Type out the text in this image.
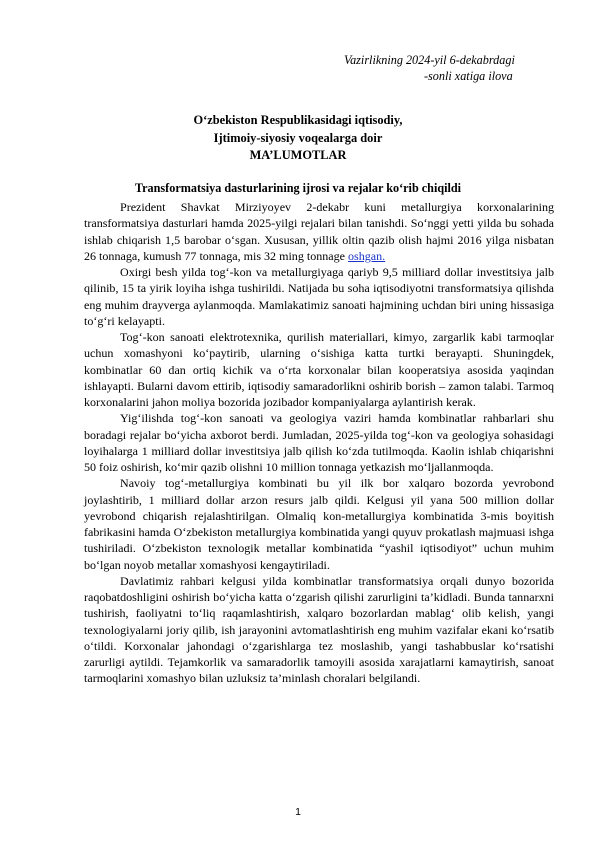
Vazirlikning 2024-yil 6-dekabrdagi
-sonli xatiga ilova
O‘zbekiston Respublikasidagi iqtisodiy,
Ijtimoiy-siyosiy voqealarga doir
MA’LUMOTLAR
Transformatsiya dasturlarining ijrosi va rejalar ko‘rib chiqildi

Prezident Shavkat Mirziyoyev 2-dekabr kuni metallurgiya korxonalarining transformatsiya dasturlari hamda 2025-yilgi rejalari bilan tanishdi. So‘nggi yetti yilda bu sohada ishlab chiqarish 1,5 barobar o‘sgan. Xususan, yillik oltin qazib olish hajmi 2016 yilga nisbatan 26 tonnaga, kumush 77 tonnaga, mis 32 ming tonnage oshgan.

Oxirgi besh yilda tog‘-kon va metallurgiyaga qariyb 9,5 milliard dollar investitsiya jalb qilinib, 15 ta yirik loyiha ishga tushirildi. Natijada bu soha iqtisodiyotni transformatsiya qilishda eng muhim drayverga aylanmoqda. Mamlakatimiz sanoati hajmining uchdan biri uning hissasiga to‘g‘ri kelayapti.

Tog‘-kon sanoati elektrotexnika, qurilish materiallari, kimyo, zargarlik kabi tarmoqlar uchun xomashyoni ko‘paytirib, ularning o‘sishiga katta turtki berayapti. Shuningdek, kombinatlar 60 dan ortiq kichik va o‘rta korxonalar bilan kooperatsiya asosida yaqindan ishlayapti. Bularni davom ettirib, iqtisodiy samaradorlikni oshirib borish – zamon talabi. Tarmoq korxonalarini jahon moliya bozorida jozibador kompaniyalarga aylantirish kerak.

Yig‘ilishda tog‘-kon sanoati va geologiya vaziri hamda kombinatlar rahbarlari shu boradagi rejalar bo‘yicha axborot berdi. Jumladan, 2025-yilda tog‘-kon va geologiya sohasidagi loyihalarga 1 milliard dollar investitsiya jalb qilish ko‘zda tutilmoqda. Kaolin ishlab chiqarishni 50 foiz oshirish, ko‘mir qazib olishni 10 million tonnaga yetkazish mo‘ljallanmoqda.

Navoiy tog‘-metallurgiya kombinati bu yil ilk bor xalqaro bozorda yevrobond joylashtirib, 1 milliard dollar arzon resurs jalb qildi. Kelgusi yil yana 500 million dollar yevrobond chiqarish rejalashtirilgan. Olmaliq kon-metallurgiya kombinatida 3-mis boyitish fabrikasini hamda O‘zbekiston metallurgiya kombinatida yangi quyuv prokatlash majmuasi ishga tushiriladi. O‘zbekiston texnologik metallar kombinatida “yashil iqtisodiyot” uchun muhim bo‘lgan noyob metallar xomashyosi kengaytiriladi.

Davlatimiz rahbari kelgusi yilda kombinatlar transformatsiya orqali dunyo bozorida raqobatdoshligini oshirish bo‘yicha katta o‘zgarish qilishi zarurligini ta’kidladi. Bunda tannarxni tushirish, faoliyatni to‘liq raqamlashtirish, xalqaro bozorlardan mablag‘ olib kelish, yangi texnologiyalarni joriy qilib, ish jarayonini avtomatlashtirish eng muhim vazifalar ekani ko‘rsatib o‘tildi. Korxonalar jahondagi o‘zgarishlarga tez moslashib, yangi tashabbuslar ko‘rsatishi zarurligi aytildi. Tejamkorlik va samaradorlik tamoyili asosida xarajatlarni kamaytirish, sanoat tarmoqlarini xomashyo bilan uzluksiz ta’minlash choralari belgilandi.

1
